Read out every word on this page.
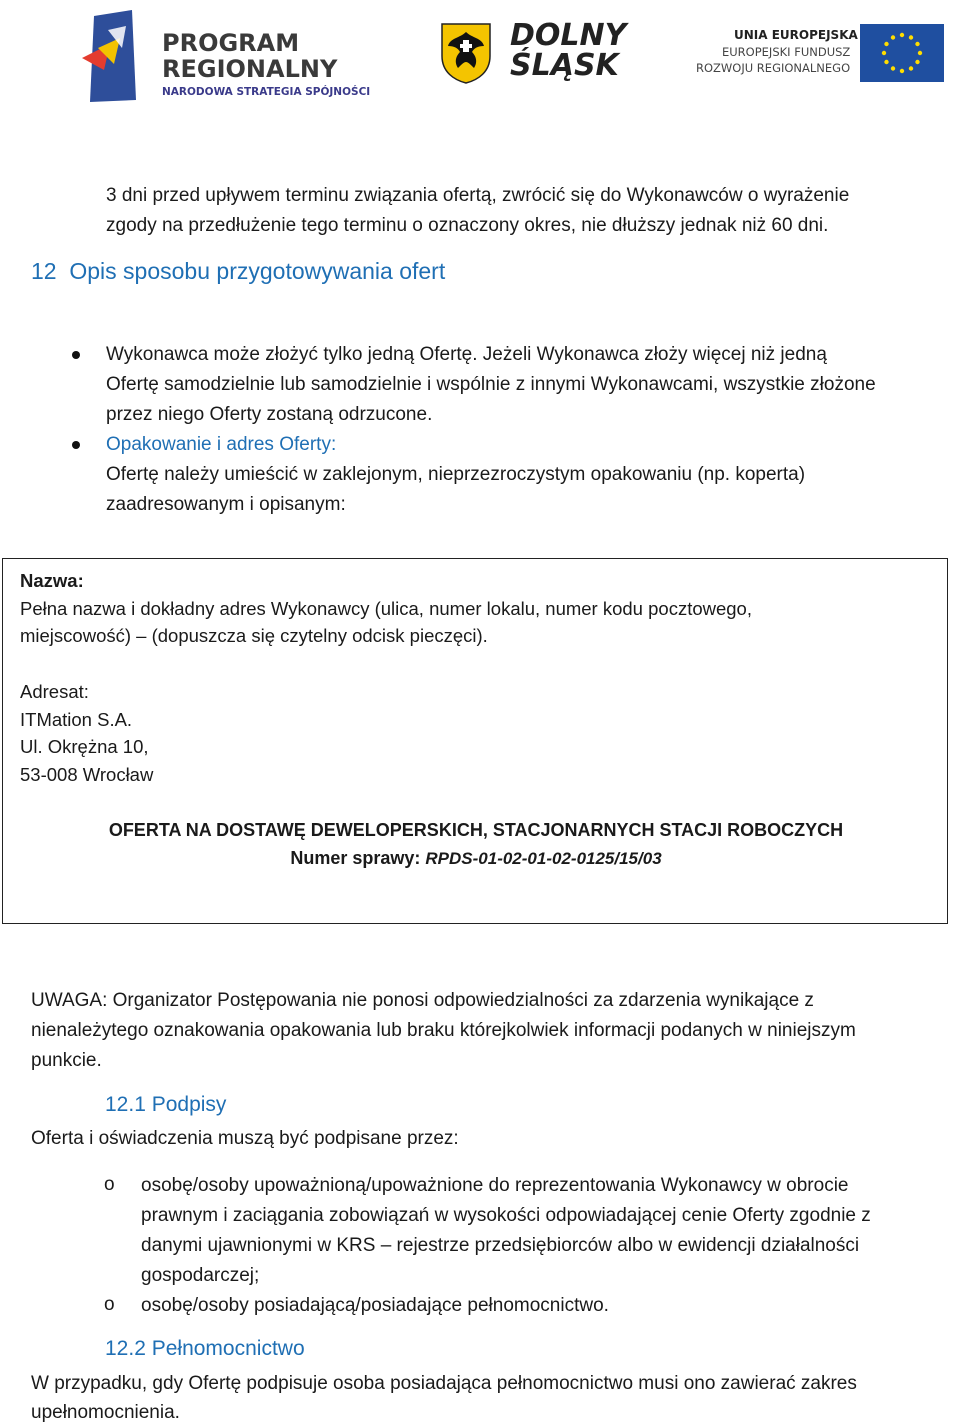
PROGRAM
REGIONALNY
NARODOWA STRATEGIA SPÓJNOŚCI
DOLNY
ŚLĄSK
UNIA EUROPEJSKA
EUROPEJSKI FUNDUSZ
ROZWOJU REGIONALNEGO
3 dni przed upływem terminu związania ofertą, zwrócić się do Wykonawców o wyrażenie
zgody na przedłużenie tego terminu o oznaczony okres, nie dłuższy jednak niż 60 dni.
12 Opis sposobu przygotowywania ofert
Wykonawca może złożyć tylko jedną Ofertę. Jeżeli Wykonawca złoży więcej niż jedną
Ofertę samodzielnie lub samodzielnie i wspólnie z innymi Wykonawcami, wszystkie złożone
przez niego Oferty zostaną odrzucone.
Opakowanie i adres Oferty:
Ofertę należy umieścić w zaklejonym, nieprzezroczystym opakowaniu (np. koperta)
zaadresowanym i opisanym:
Nazwa:
Pełna nazwa i dokładny adres Wykonawcy (ulica, numer lokalu, numer kodu pocztowego,
miejscowość) – (dopuszcza się czytelny odcisk pieczęci).
Adresat:
ITMation S.A.
Ul. Okrężna 10,
53-008 Wrocław
OFERTA NA DOSTAWĘ DEWELOPERSKICH, STACJONARNYCH STACJI ROBOCZYCH
Numer sprawy: RPDS-01-02-01-02-0125/15/03
UWAGA: Organizator Postępowania nie ponosi odpowiedzialności za zdarzenia wynikające z
nienależytego oznakowania opakowania lub braku którejkolwiek informacji podanych w niniejszym
punkcie.
12.1 Podpisy
Oferta i oświadczenia muszą być podpisane przez:
o osobę/osoby upoważnioną/upoważnione do reprezentowania Wykonawcy w obrocie
prawnym i zaciągania zobowiązań w wysokości odpowiadającej cenie Oferty zgodnie z
danymi ujawnionymi w KRS – rejestrze przedsiębiorców albo w ewidencji działalności
gospodarczej;
o osobę/osoby posiadającą/posiadające pełnomocnictwo.
12.2 Pełnomocnictwo
W przypadku, gdy Ofertę podpisuje osoba posiadająca pełnomocnictwo musi ono zawierać zakres
upełnomocnienia.
